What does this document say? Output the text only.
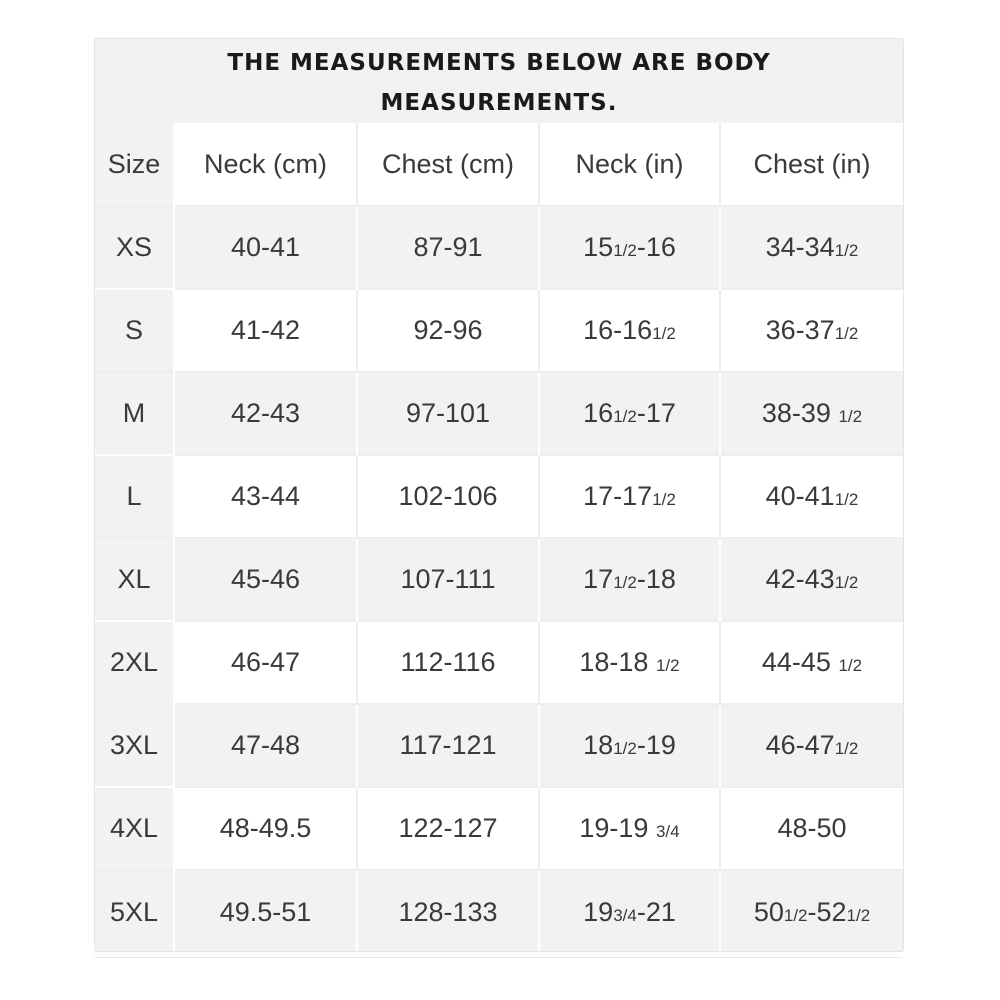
THE MEASUREMENTS BELOW ARE BODY MEASUREMENTS.
Size	Neck (cm)	Chest (cm)	Neck (in)	Chest (in)
XS	40-41	87-91	151/2-16	34-341/2
S	41-42	92-96	16-161/2	36-371/2
M	42-43	97-101	161/2-17	38-39 1/2
L	43-44	102-106	17-171/2	40-411/2
XL	45-46	107-111	171/2-18	42-431/2
2XL	46-47	112-116	18-18 1/2	44-45 1/2
3XL	47-48	117-121	181/2-19	46-471/2
4XL	48-49.5	122-127	19-19 3/4	48-50
5XL	49.5-51	128-133	193/4-21	501/2-521/2
